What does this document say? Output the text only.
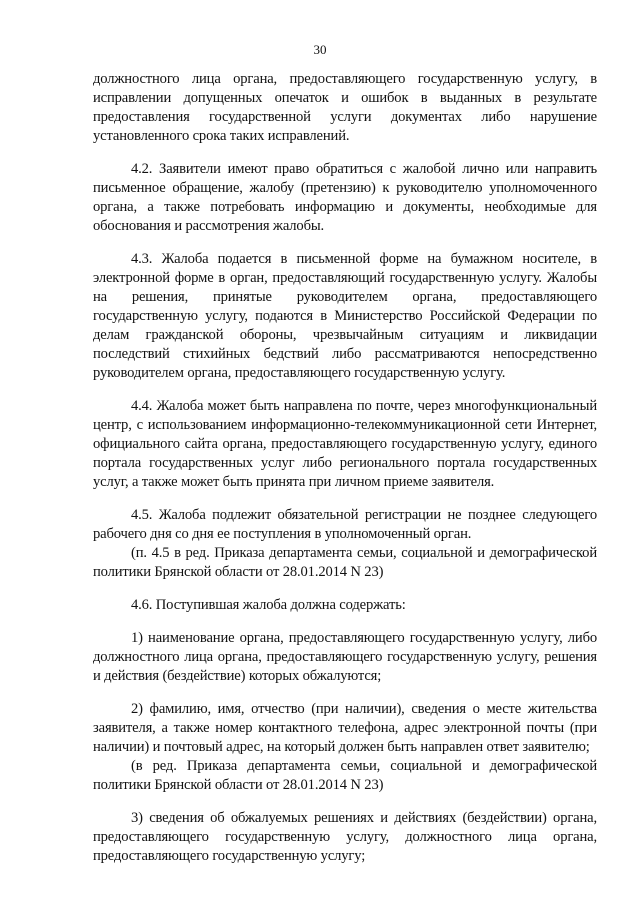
30

должностного лица органа, предоставляющего государственную услугу, в исправлении допущенных опечаток и ошибок в выданных в результате предоставления государственной услуги документах либо нарушение установленного срока таких исправлений.

4.2. Заявители имеют право обратиться с жалобой лично или направить письменное обращение, жалобу (претензию) к руководителю уполномоченного органа, а также потребовать информацию и документы, необходимые для обоснования и рассмотрения жалобы.

4.3. Жалоба подается в письменной форме на бумажном носителе, в электронной форме в орган, предоставляющий государственную услугу. Жалобы на решения, принятые руководителем органа, предоставляющего государственную услугу, подаются в Министерство Российской Федерации по делам гражданской обороны, чрезвычайным ситуациям и ликвидации последствий стихийных бедствий либо рассматриваются непосредственно руководителем органа, предоставляющего государственную услугу.

4.4. Жалоба может быть направлена по почте, через многофункциональный центр, с использованием информационно-телекоммуникационной сети Интернет, официального сайта органа, предоставляющего государственную услугу, единого портала государственных услуг либо регионального портала государственных услуг, а также может быть принята при личном приеме заявителя.

4.5. Жалоба подлежит обязательной регистрации не позднее следующего рабочего дня со дня ее поступления в уполномоченный орган.

(п. 4.5 в ред. Приказа департамента семьи, социальной и демографической политики Брянской области от 28.01.2014 N 23)

4.6. Поступившая жалоба должна содержать:

1) наименование органа, предоставляющего государственную услугу, либо должностного лица органа, предоставляющего государственную услугу, решения и действия (бездействие) которых обжалуются;

2) фамилию, имя, отчество (при наличии), сведения о месте жительства заявителя, а также номер контактного телефона, адрес электронной почты (при наличии) и почтовый адрес, на который должен быть направлен ответ заявителю;

(в ред. Приказа департамента семьи, социальной и демографической политики Брянской области от 28.01.2014 N 23)

3) сведения об обжалуемых решениях и действиях (бездействии) органа, предоставляющего государственную услугу, должностного лица органа, предоставляющего государственную услугу;
